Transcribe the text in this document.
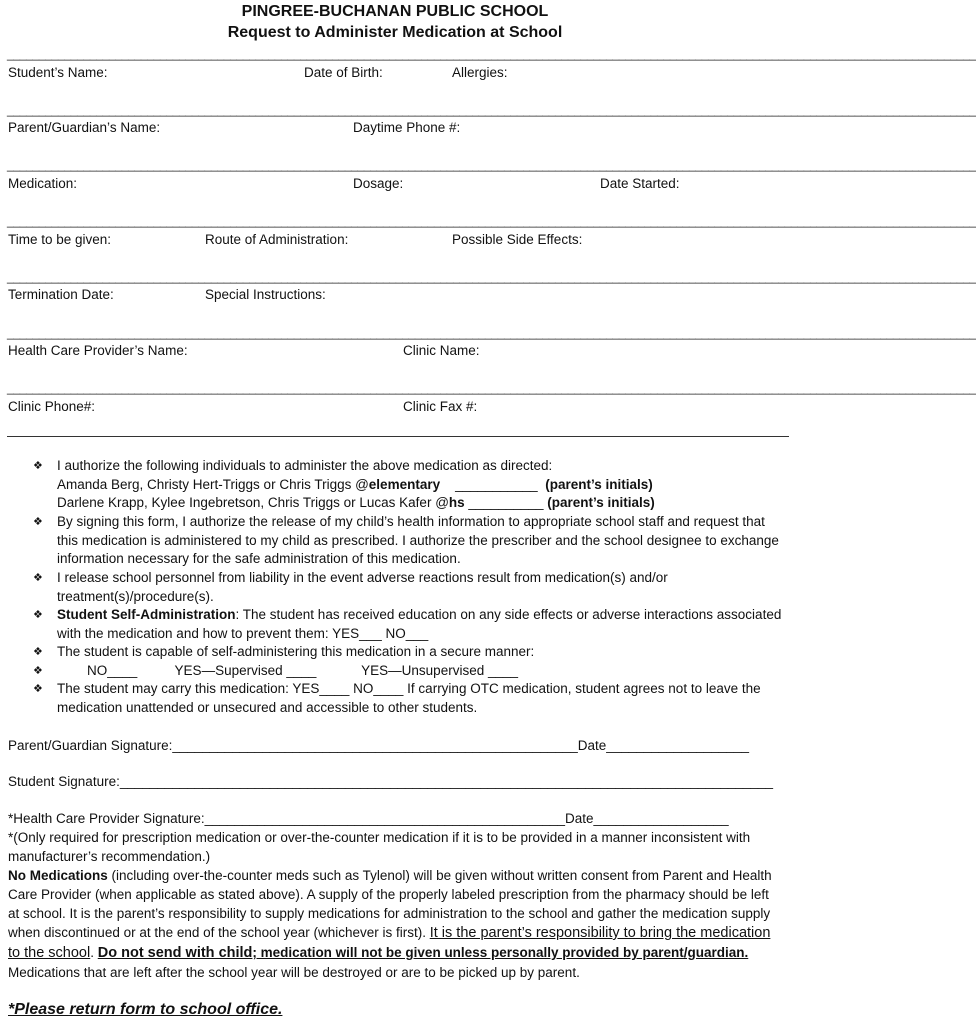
PINGREE-BUCHANAN PUBLIC SCHOOL
Request to Administer Medication at School
________________________________________________________________________________________________________________________________________________________
Student’s Name:	Date of Birth:	Allergies:
________________________________________________________________________________________________________________________________________________________
Parent/Guardian’s Name:	Daytime Phone #:
________________________________________________________________________________________________________________________________________________________
Medication:	Dosage:	Date Started:
________________________________________________________________________________________________________________________________________________________
Time to be given:	Route of Administration:	Possible Side Effects:
________________________________________________________________________________________________________________________________________________________
Termination Date:	Special Instructions:
________________________________________________________________________________________________________________________________________________________
Health Care Provider’s Name:	Clinic Name:
________________________________________________________________________________________________________________________________________________________
Clinic Phone#:	Clinic Fax #:
❖ I authorize the following individuals to administer the above medication as directed:
Amanda Berg, Christy Hert-Triggs or Chris Triggs @elementary    ___________  (parent’s initials)
Darlene Krapp, Kylee Ingebretson, Chris Triggs or Lucas Kafer @hs __________ (parent’s initials)
❖ By signing this form, I authorize the release of my child’s health information to appropriate school staff and request that this medication is administered to my child as prescribed. I authorize the prescriber and the school designee to exchange information necessary for the safe administration of this medication.
❖ I release school personnel from liability in the event adverse reactions result from medication(s) and/or treatment(s)/procedure(s).
❖ Student Self-Administration: The student has received education on any side effects or adverse interactions associated with the medication and how to prevent them: YES___ NO___
❖ The student is capable of self-administering this medication in a secure manner:
❖ NO____          YES—Supervised ____            YES—Unsupervised ____
❖ The student may carry this medication: YES____ NO____ If carrying OTC medication, student agrees not to leave the medication unattended or unsecured and accessible to other students.
Parent/Guardian Signature:______________________________________________________Date___________________
Student Signature:_______________________________________________________________________________________
*Health Care Provider Signature:________________________________________________Date__________________
*(Only required for prescription medication or over-the-counter medication if it is to be provided in a manner inconsistent with manufacturer’s recommendation.)
No Medications (including over-the-counter meds such as Tylenol) will be given without written consent from Parent and Health Care Provider (when applicable as stated above). A supply of the properly labeled prescription from the pharmacy should be left at school. It is the parent’s responsibility to supply medications for administration to the school and gather the medication supply when discontinued or at the end of the school year (whichever is first). It is the parent’s responsibility to bring the medication to the school. Do not send with child; medication will not be given unless personally provided by parent/guardian. Medications that are left after the school year will be destroyed or are to be picked up by parent.
*Please return form to school office.
